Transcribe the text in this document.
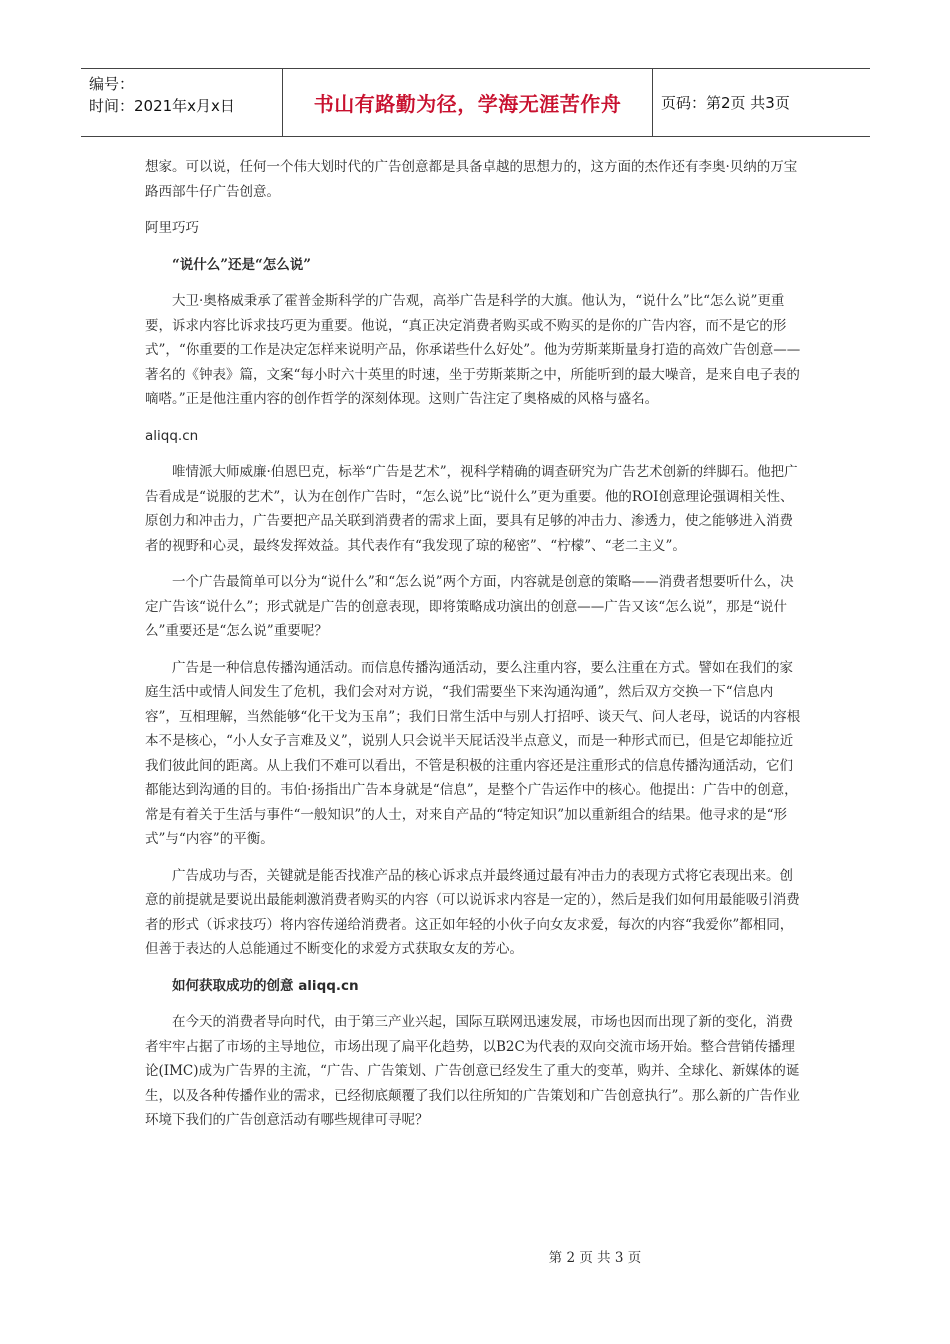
编号：
时间：2021年x月x日	书山有路勤为径，学海无涯苦作舟	页码：第2页 共3页

想家。可以说，任何一个伟大划时代的广告创意都是具备卓越的思想力的，这方面的杰作还有李奥·贝纳的万宝路西部牛仔广告创意。

阿里巧巧

“说什么”还是“怎么说”

大卫·奥格威秉承了霍普金斯科学的广告观，高举广告是科学的大旗。他认为，“说什么”比“怎么说”更重要，诉求内容比诉求技巧更为重要。他说，“真正决定消费者购买或不购买的是你的广告内容，而不是它的形式”，“你重要的工作是决定怎样来说明产品，你承诺些什么好处”。他为劳斯莱斯量身打造的高效广告创意——著名的《钟表》篇，文案“每小时六十英里的时速，坐于劳斯莱斯之中，所能听到的最大噪音，是来自电子表的嘀嗒。”正是他注重内容的创作哲学的深刻体现。这则广告注定了奥格威的风格与盛名。

aliqq.cn

唯情派大师威廉·伯恩巴克，标举“广告是艺术”，视科学精确的调查研究为广告艺术创新的绊脚石。他把广告看成是“说服的艺术”，认为在创作广告时，“怎么说”比“说什么”更为重要。他的ROI创意理论强调相关性、原创力和冲击力，广告要把产品关联到消费者的需求上面，要具有足够的冲击力、渗透力，使之能够进入消费者的视野和心灵，最终发挥效益。其代表作有“我发现了琼的秘密”、“柠檬”、“老二主义”。

一个广告最简单可以分为“说什么”和“怎么说”两个方面，内容就是创意的策略——消费者想要听什么，决定广告该“说什么”；形式就是广告的创意表现，即将策略成功演出的创意——广告又该“怎么说”，那是“说什么”重要还是“怎么说”重要呢？

广告是一种信息传播沟通活动。而信息传播沟通活动，要么注重内容，要么注重在方式。譬如在我们的家庭生活中或情人间发生了危机，我们会对对方说，“我们需要坐下来沟通沟通”，然后双方交换一下“信息内容”，互相理解，当然能够“化干戈为玉帛”；我们日常生活中与别人打招呼、谈天气、问人老母，说话的内容根本不是核心，“小人女子言难及义”，说别人只会说半天屁话没半点意义，而是一种形式而已，但是它却能拉近我们彼此间的距离。从上我们不难可以看出，不管是积极的注重内容还是注重形式的信息传播沟通活动，它们都能达到沟通的目的。韦伯·扬指出广告本身就是“信息”，是整个广告运作中的核心。他提出：广告中的创意，常是有着关于生活与事件“一般知识”的人士，对来自产品的“特定知识”加以重新组合的结果。他寻求的是“形式”与“内容”的平衡。

广告成功与否，关键就是能否找准产品的核心诉求点并最终通过最有冲击力的表现方式将它表现出来。创意的前提就是要说出最能刺激消费者购买的内容（可以说诉求内容是一定的），然后是我们如何用最能吸引消费者的形式（诉求技巧）将内容传递给消费者。这正如年轻的小伙子向女友求爱，每次的内容“我爱你”都相同，但善于表达的人总能通过不断变化的求爱方式获取女友的芳心。

如何获取成功的创意 aliqq.cn

在今天的消费者导向时代，由于第三产业兴起，国际互联网迅速发展，市场也因而出现了新的变化，消费者牢牢占据了市场的主导地位，市场出现了扁平化趋势，以B2C为代表的双向交流市场开始。整合营销传播理论(IMC)成为广告界的主流，“广告、广告策划、广告创意已经发生了重大的变革，购并、全球化、新媒体的诞生，以及各种传播作业的需求，已经彻底颠覆了我们以往所知的广告策划和广告创意执行”。那么新的广告作业环境下我们的广告创意活动有哪些规律可寻呢？

第 2 页 共 3 页
